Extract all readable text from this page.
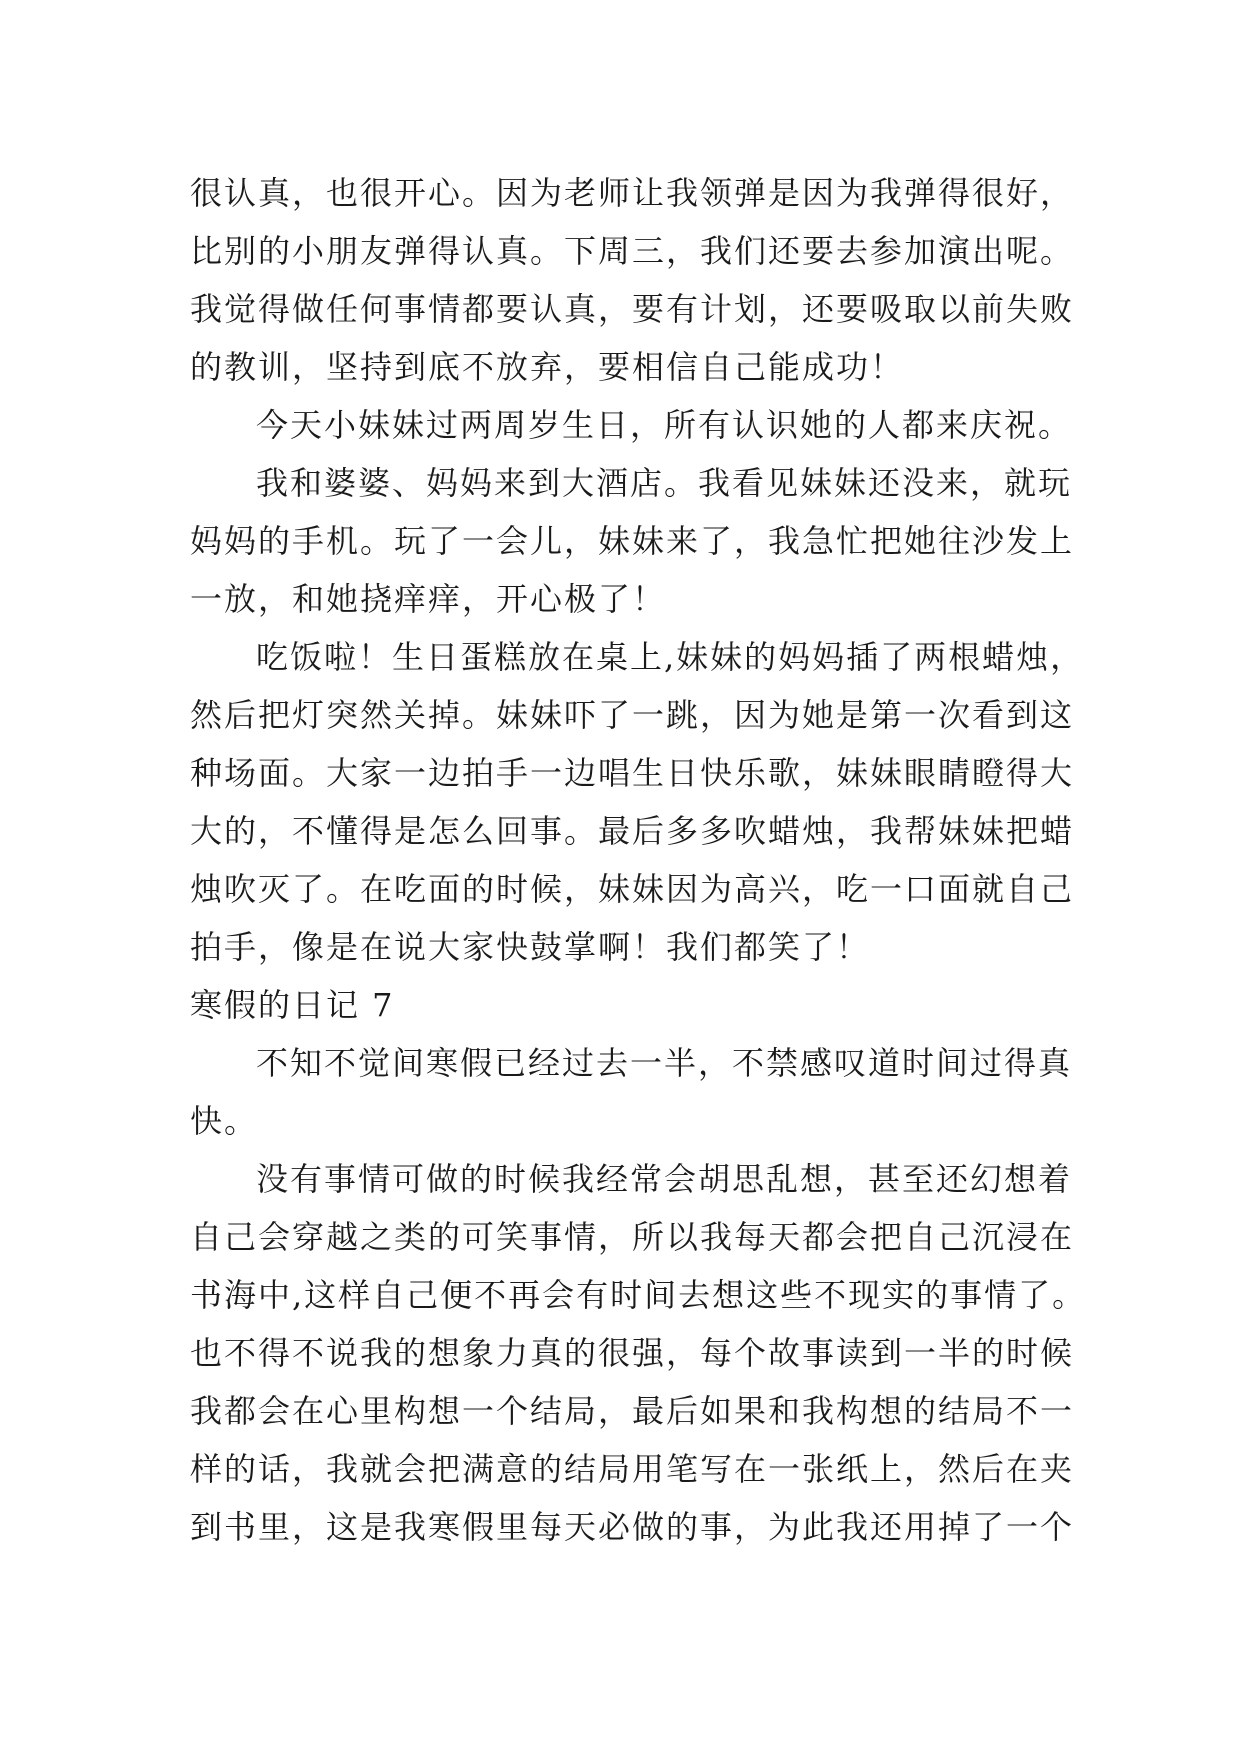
很认真，也很开心。因为老师让我领弹是因为我弹得很好，
比别的小朋友弹得认真。下周三，我们还要去参加演出呢。
我觉得做任何事情都要认真，要有计划，还要吸取以前失败
的教训，坚持到底不放弃，要相信自己能成功！
今天小妹妹过两周岁生日，所有认识她的人都来庆祝。
我和婆婆、妈妈来到大酒店。我看见妹妹还没来，就玩
妈妈的手机。玩了一会儿，妹妹来了，我急忙把她往沙发上
一放，和她挠痒痒，开心极了！
吃饭啦！生日蛋糕放在桌上,妹妹的妈妈插了两根蜡烛，
然后把灯突然关掉。妹妹吓了一跳，因为她是第一次看到这
种场面。大家一边拍手一边唱生日快乐歌，妹妹眼睛瞪得大
大的，不懂得是怎么回事。最后多多吹蜡烛，我帮妹妹把蜡
烛吹灭了。在吃面的时候，妹妹因为高兴，吃一口面就自己
拍手，像是在说大家快鼓掌啊！我们都笑了！
寒假的日记 7
不知不觉间寒假已经过去一半，不禁感叹道时间过得真
快。
没有事情可做的时候我经常会胡思乱想，甚至还幻想着
自己会穿越之类的可笑事情，所以我每天都会把自己沉浸在
书海中,这样自己便不再会有时间去想这些不现实的事情了。
也不得不说我的想象力真的很强，每个故事读到一半的时候
我都会在心里构想一个结局，最后如果和我构想的结局不一
样的话，我就会把满意的结局用笔写在一张纸上，然后在夹
到书里，这是我寒假里每天必做的事，为此我还用掉了一个
